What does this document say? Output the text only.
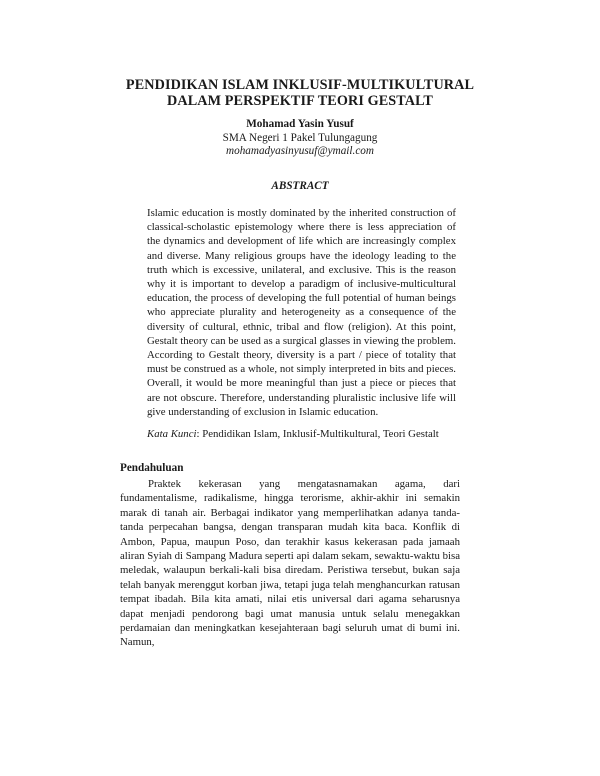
PENDIDIKAN ISLAM INKLUSIF-MULTIKULTURAL
DALAM PERSPEKTIF TEORI GESTALT
Mohamad Yasin Yusuf
SMA Negeri 1 Pakel Tulungagung
mohamadyasinyusuf@ymail.com
ABSTRACT
Islamic education is mostly dominated by the inherited construction of classical-scholastic epistemology where there is less appreciation of the dynamics and development of life which are increasingly complex and diverse. Many religious groups have the ideology leading to the truth which is excessive, unilateral, and exclusive. This is the reason why it is important to develop a paradigm of inclusive-multicultural education, the process of developing the full potential of human beings who appreciate plurality and heterogeneity as a consequence of the diversity of cultural, ethnic, tribal and flow (religion). At this point, Gestalt theory can be used as a surgical glasses in viewing the problem. According to Gestalt theory, diversity is a part / piece of totality that must be construed as a whole, not simply interpreted in bits and pieces. Overall, it would be more meaningful than just a piece or pieces that are not obscure. Therefore, understanding pluralistic inclusive life will give understanding of exclusion in Islamic education.
Kata Kunci: Pendidikan Islam, Inklusif-Multikultural, Teori Gestalt
Pendahuluan

Praktek kekerasan yang mengatasnamakan agama, dari fundamentalisme, radikalisme, hingga terorisme, akhir-akhir ini semakin marak di tanah air. Berbagai indikator yang memperlihatkan adanya tanda-tanda perpecahan bangsa, dengan transparan mudah kita baca. Konflik di Ambon, Papua, maupun Poso, dan terakhir kasus kekerasan pada jamaah aliran Syiah di Sampang Madura seperti api dalam sekam, sewaktu-waktu bisa meledak, walaupun berkali-kali bisa diredam. Peristiwa tersebut, bukan saja telah banyak merenggut korban jiwa, tetapi juga telah menghancurkan ratusan tempat ibadah. Bila kita amati, nilai etis universal dari agama seharusnya dapat menjadi pendorong bagi umat manusia untuk selalu menegakkan perdamaian dan meningkatkan kesejahteraan bagi seluruh umat di bumi ini. Namun,
